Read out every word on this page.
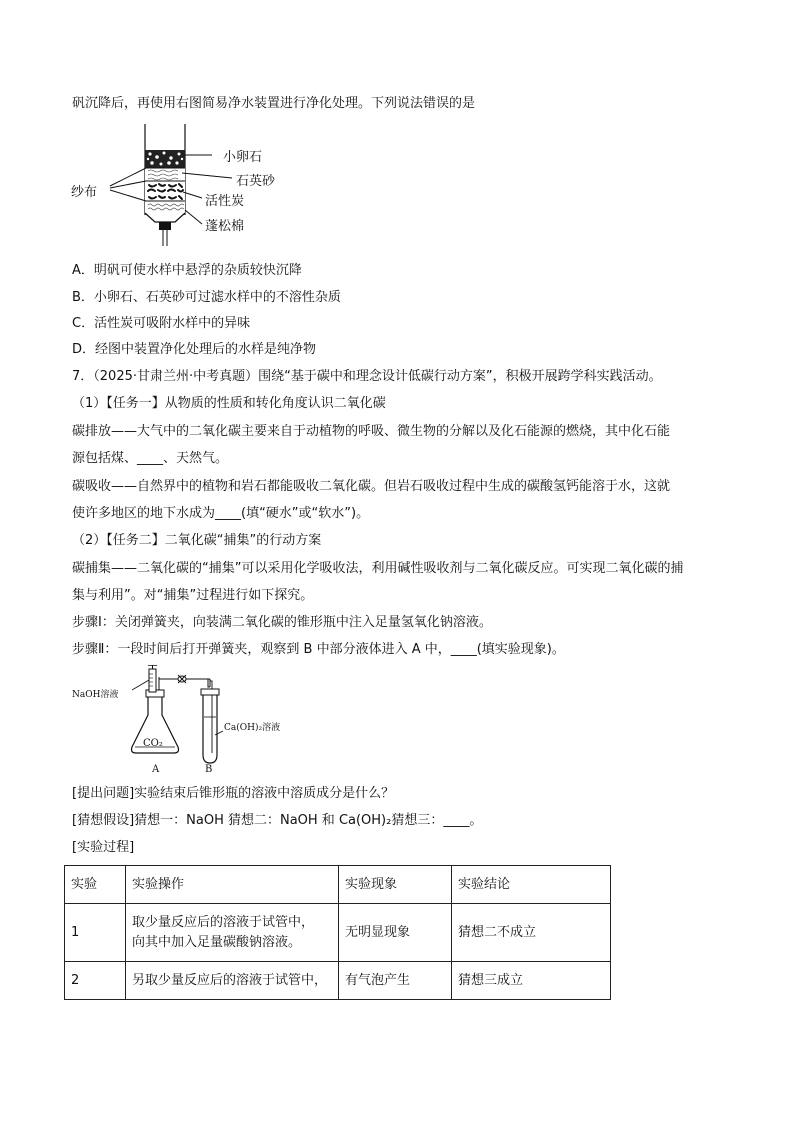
矾沉降后，再使用右图简易净水装置进行净化处理。下列说法错误的是
小卵石
石英砂
活性炭
蓬松棉
纱布
A．明矾可使水样中悬浮的杂质较快沉降
B．小卵石、石英砂可过滤水样中的不溶性杂质
C．活性炭可吸附水样中的异味
D．经图中装置净化处理后的水样是纯净物
7．（2025·甘肃兰州·中考真题）围绕“基于碳中和理念设计低碳行动方案”，积极开展跨学科实践活动。
（1）【任务一】从物质的性质和转化角度认识二氧化碳
碳排放——大气中的二氧化碳主要来自于动植物的呼吸、微生物的分解以及化石能源的燃烧，其中化石能
源包括煤、____、天然气。
碳吸收——自然界中的植物和岩石都能吸收二氧化碳。但岩石吸收过程中生成的碳酸氢钙能溶于水，这就
使许多地区的地下水成为____(填“硬水”或“软水”)。
（2）【任务二】二氧化碳“捕集”的行动方案
碳捕集——二氧化碳的“捕集”可以采用化学吸收法，利用碱性吸收剂与二氧化碳反应。可实现二氧化碳的捕
集与利用”。对“捕集”过程进行如下探究。
步骤Ⅰ：关闭弹簧夹，向装满二氧化碳的锥形瓶中注入足量氢氧化钠溶液。
步骤Ⅱ：一段时间后打开弹簧夹，观察到 B 中部分液体进入 A 中，____(填实验现象)。
NaOH溶液
Ca(OH)₂溶液
CO₂
A	B
[提出问题]实验结束后锥形瓶的溶液中溶质成分是什么？
[猜想假设]猜想一：NaOH 猜想二：NaOH 和 Ca(OH)₂猜想三：____。
[实验过程]
实验	实验操作	实验现象	实验结论
1	取少量反应后的溶液于试管中，
向其中加入足量碳酸钠溶液。	无明显现象	猜想二不成立
2	另取少量反应后的溶液于试管中，	有气泡产生	猜想三成立
